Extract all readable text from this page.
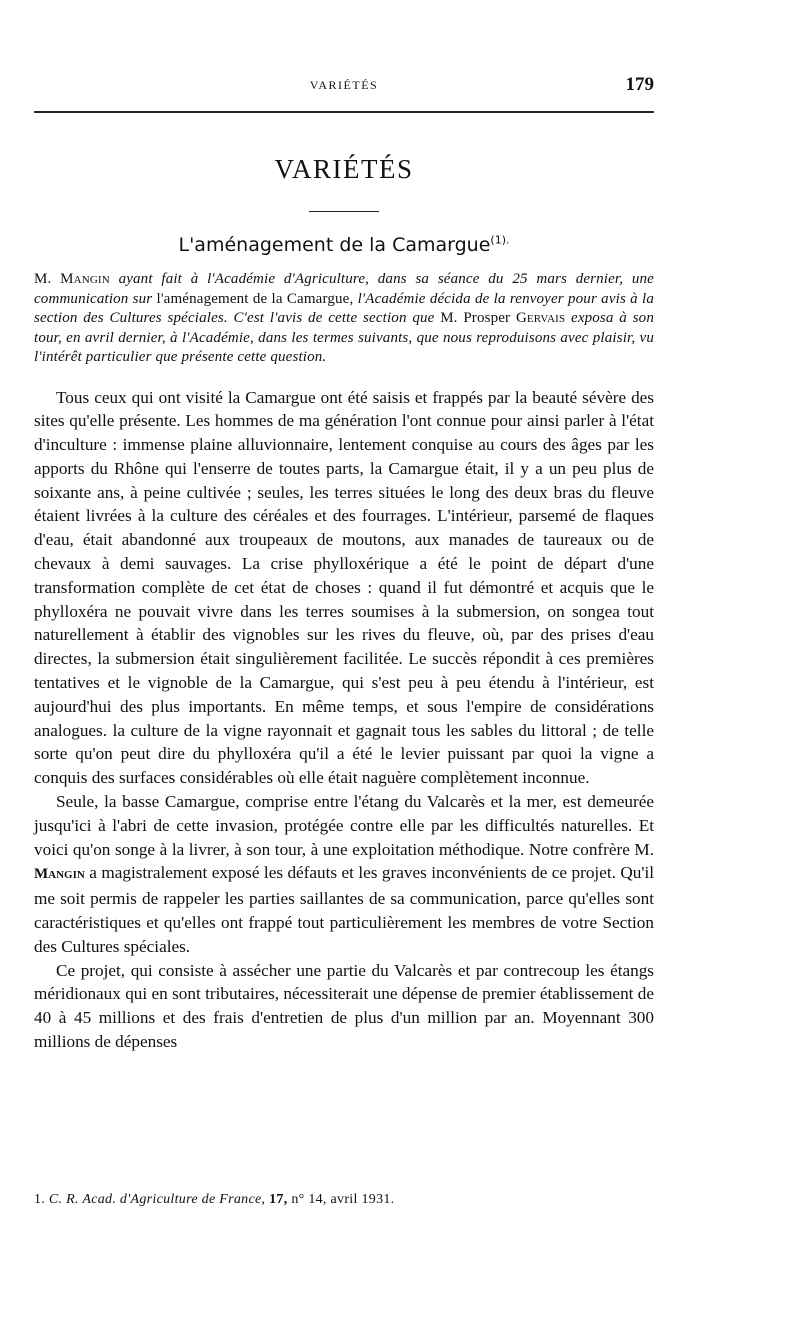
VARIÉTÉS	179
VARIÉTÉS
L'aménagement de la Camargue$^{(1).}$
M. Mangin ayant fait à l'Académie d'Agriculture, dans sa séance du 25 mars dernier, une communication sur l'aménagement de la Camargue, l'Académie décida de la renvoyer pour avis à la section des Cultures spéciales. C'est l'avis de cette section que M. Prosper Gervais exposa à son tour, en avril dernier, à l'Académie, dans les termes suivants, que nous reproduisons avec plaisir, vu l'intérêt particulier que présente cette question.

Tous ceux qui ont visité la Camargue ont été saisis et frappés par la beauté sévère des sites qu'elle présente. Les hommes de ma génération l'ont connue pour ainsi parler à l'état d'inculture : immense plaine alluvionnaire, lentement conquise au cours des âges par les apports du Rhône qui l'enserre de toutes parts, la Camargue était, il y a un peu plus de soixante ans, à peine cultivée ; seules, les terres situées le long des deux bras du fleuve étaient livrées à la culture des céréales et des fourrages. L'intérieur, parsemé de flaques d'eau, était abandonné aux troupeaux de moutons, aux manades de taureaux ou de chevaux à demi sauvages. La crise phylloxérique a été le point de départ d'une transformation complète de cet état de choses : quand il fut démontré et acquis que le phylloxéra ne pouvait vivre dans les terres soumises à la submersion, on songea tout naturellement à établir des vignobles sur les rives du fleuve, où, par des prises d'eau directes, la submersion était singulièrement facilitée. Le succès répondit à ces premières tentatives et le vignoble de la Camargue, qui s'est peu à peu étendu à l'intérieur, est aujourd'hui des plus importants. En même temps, et sous l'empire de considérations analogues. la culture de la vigne rayonnait et gagnait tous les sables du littoral ; de telle sorte qu'on peut dire du phylloxéra qu'il a été le levier puissant par quoi la vigne a conquis des surfaces considérables où elle était naguère complètement inconnue.

Seule, la basse Camargue, comprise entre l'étang du Valcarès et la mer, est demeurée jusqu'ici à l'abri de cette invasion, protégée contre elle par les difficultés naturelles. Et voici qu'on songe à la livrer, à son tour, à une exploitation méthodique. Notre confrère M. Mangin a magistralement exposé les défauts et les graves inconvénients de ce projet. Qu'il me soit permis de rappeler les parties saillantes de sa communication, parce qu'elles sont caractéristiques et qu'elles ont frappé tout particulièrement les membres de votre Section des Cultures spéciales.

Ce projet, qui consiste à assécher une partie du Valcarès et par contrecoup les étangs méridionaux qui en sont tributaires, nécessiterait une dépense de premier établissement de 40 à 45 millions et des frais d'entretien de plus d'un million par an. Moyennant 300 millions de dépenses

1. C. R. Acad. d'Agriculture de France, 17, n° 14, avril 1931.
